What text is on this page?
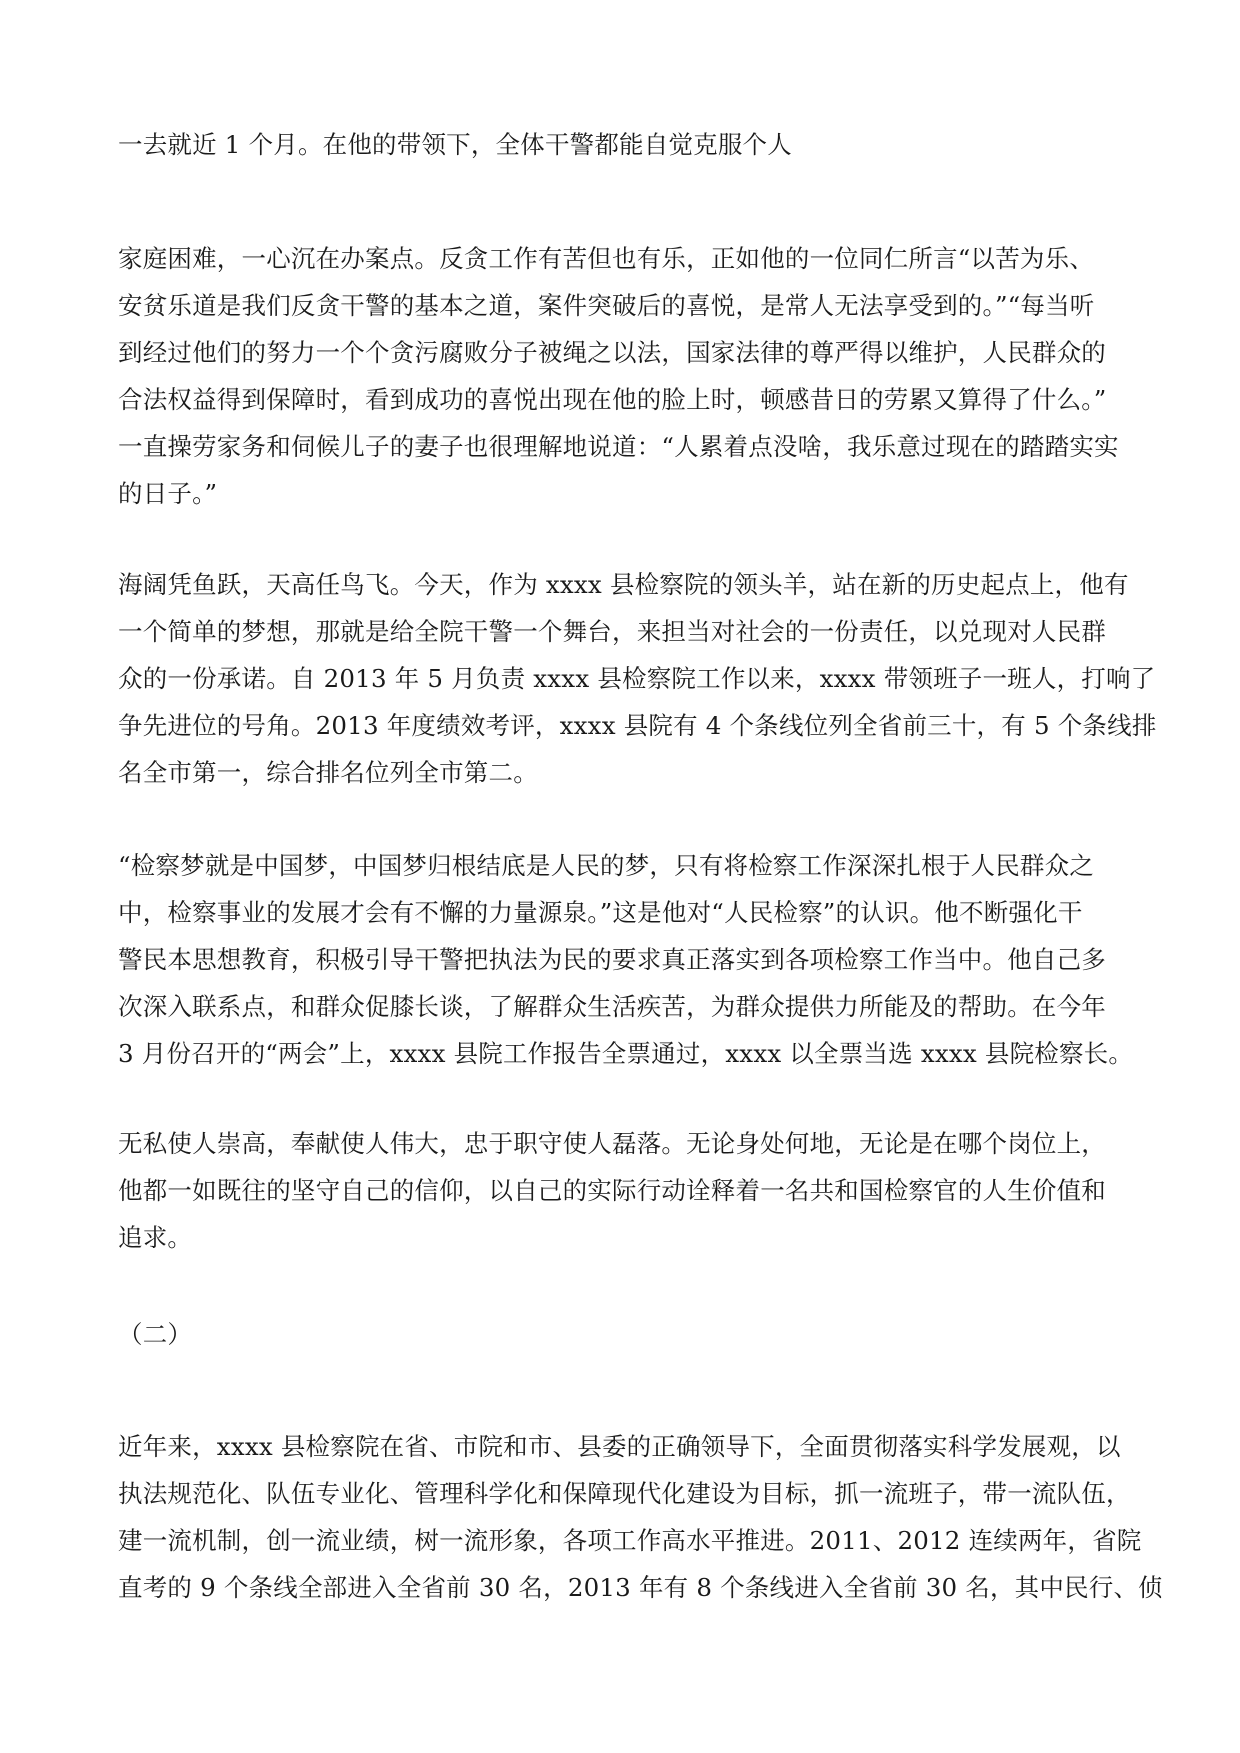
一去就近 1 个月。在他的带领下，全体干警都能自觉克服个人

家庭困难，一心沉在办案点。反贪工作有苦但也有乐，正如他的一位同仁所言“以苦为乐、
安贫乐道是我们反贪干警的基本之道，案件突破后的喜悦，是常人无法享受到的。”“每当听
到经过他们的努力一个个贪污腐败分子被绳之以法，国家法律的尊严得以维护，人民群众的
合法权益得到保障时，看到成功的喜悦出现在他的脸上时，顿感昔日的劳累又算得了什么。”
一直操劳家务和伺候儿子的妻子也很理解地说道：“人累着点没啥，我乐意过现在的踏踏实实
的日子。”

海阔凭鱼跃，天高任鸟飞。今天，作为 xxxx 县检察院的领头羊，站在新的历史起点上，他有
一个简单的梦想，那就是给全院干警一个舞台，来担当对社会的一份责任，以兑现对人民群
众的一份承诺。自 2013 年 5 月负责 xxxx 县检察院工作以来，xxxx 带领班子一班人，打响了
争先进位的号角。2013 年度绩效考评，xxxx 县院有 4 个条线位列全省前三十，有 5 个条线排
名全市第一，综合排名位列全市第二。

“检察梦就是中国梦，中国梦归根结底是人民的梦，只有将检察工作深深扎根于人民群众之
中，检察事业的发展才会有不懈的力量源泉。”这是他对“人民检察”的认识。他不断强化干
警民本思想教育，积极引导干警把执法为民的要求真正落实到各项检察工作当中。他自己多
次深入联系点，和群众促膝长谈，了解群众生活疾苦，为群众提供力所能及的帮助。在今年
3 月份召开的“两会”上，xxxx 县院工作报告全票通过，xxxx 以全票当选 xxxx 县院检察长。

无私使人崇高，奉献使人伟大，忠于职守使人磊落。无论身处何地，无论是在哪个岗位上，
他都一如既往的坚守自己的信仰，以自己的实际行动诠释着一名共和国检察官的人生价值和
追求。

（二）

近年来，xxxx 县检察院在省、市院和市、县委的正确领导下，全面贯彻落实科学发展观，以
执法规范化、队伍专业化、管理科学化和保障现代化建设为目标，抓一流班子，带一流队伍，
建一流机制，创一流业绩，树一流形象，各项工作高水平推进。2011、2012 连续两年，省院
直考的 9 个条线全部进入全省前 30 名，2013 年有 8 个条线进入全省前 30 名，其中民行、侦
